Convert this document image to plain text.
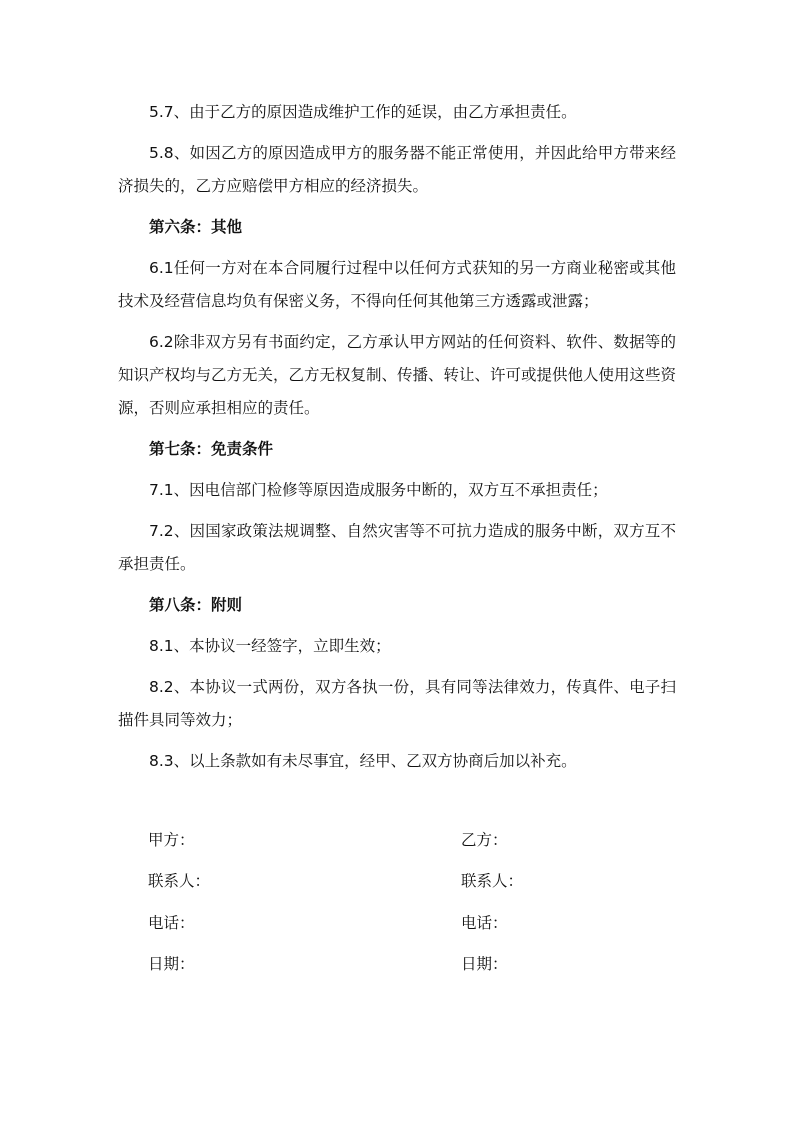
5.7、由于乙方的原因造成维护工作的延误，由乙方承担责任。

5.8、如因乙方的原因造成甲方的服务器不能正常使用，并因此给甲方带来经济损失的，乙方应赔偿甲方相应的经济损失。

第六条：其他

6.1任何一方对在本合同履行过程中以任何方式获知的另一方商业秘密或其他技术及经营信息均负有保密义务，不得向任何其他第三方透露或泄露；

6.2除非双方另有书面约定，乙方承认甲方网站的任何资料、软件、数据等的知识产权均与乙方无关，乙方无权复制、传播、转让、许可或提供他人使用这些资源，否则应承担相应的责任。

第七条：免责条件

7.1、因电信部门检修等原因造成服务中断的，双方互不承担责任；

7.2、因国家政策法规调整、自然灾害等不可抗力造成的服务中断，双方互不承担责任。

第八条：附则

8.1、本协议一经签字，立即生效；

8.2、本协议一式两份，双方各执一份，具有同等法律效力，传真件、电子扫描件具同等效力；

8.3、以上条款如有未尽事宜，经甲、乙双方协商后加以补充。

甲方：	乙方：
联系人：	联系人：
电话：	电话：
日期：	日期：
